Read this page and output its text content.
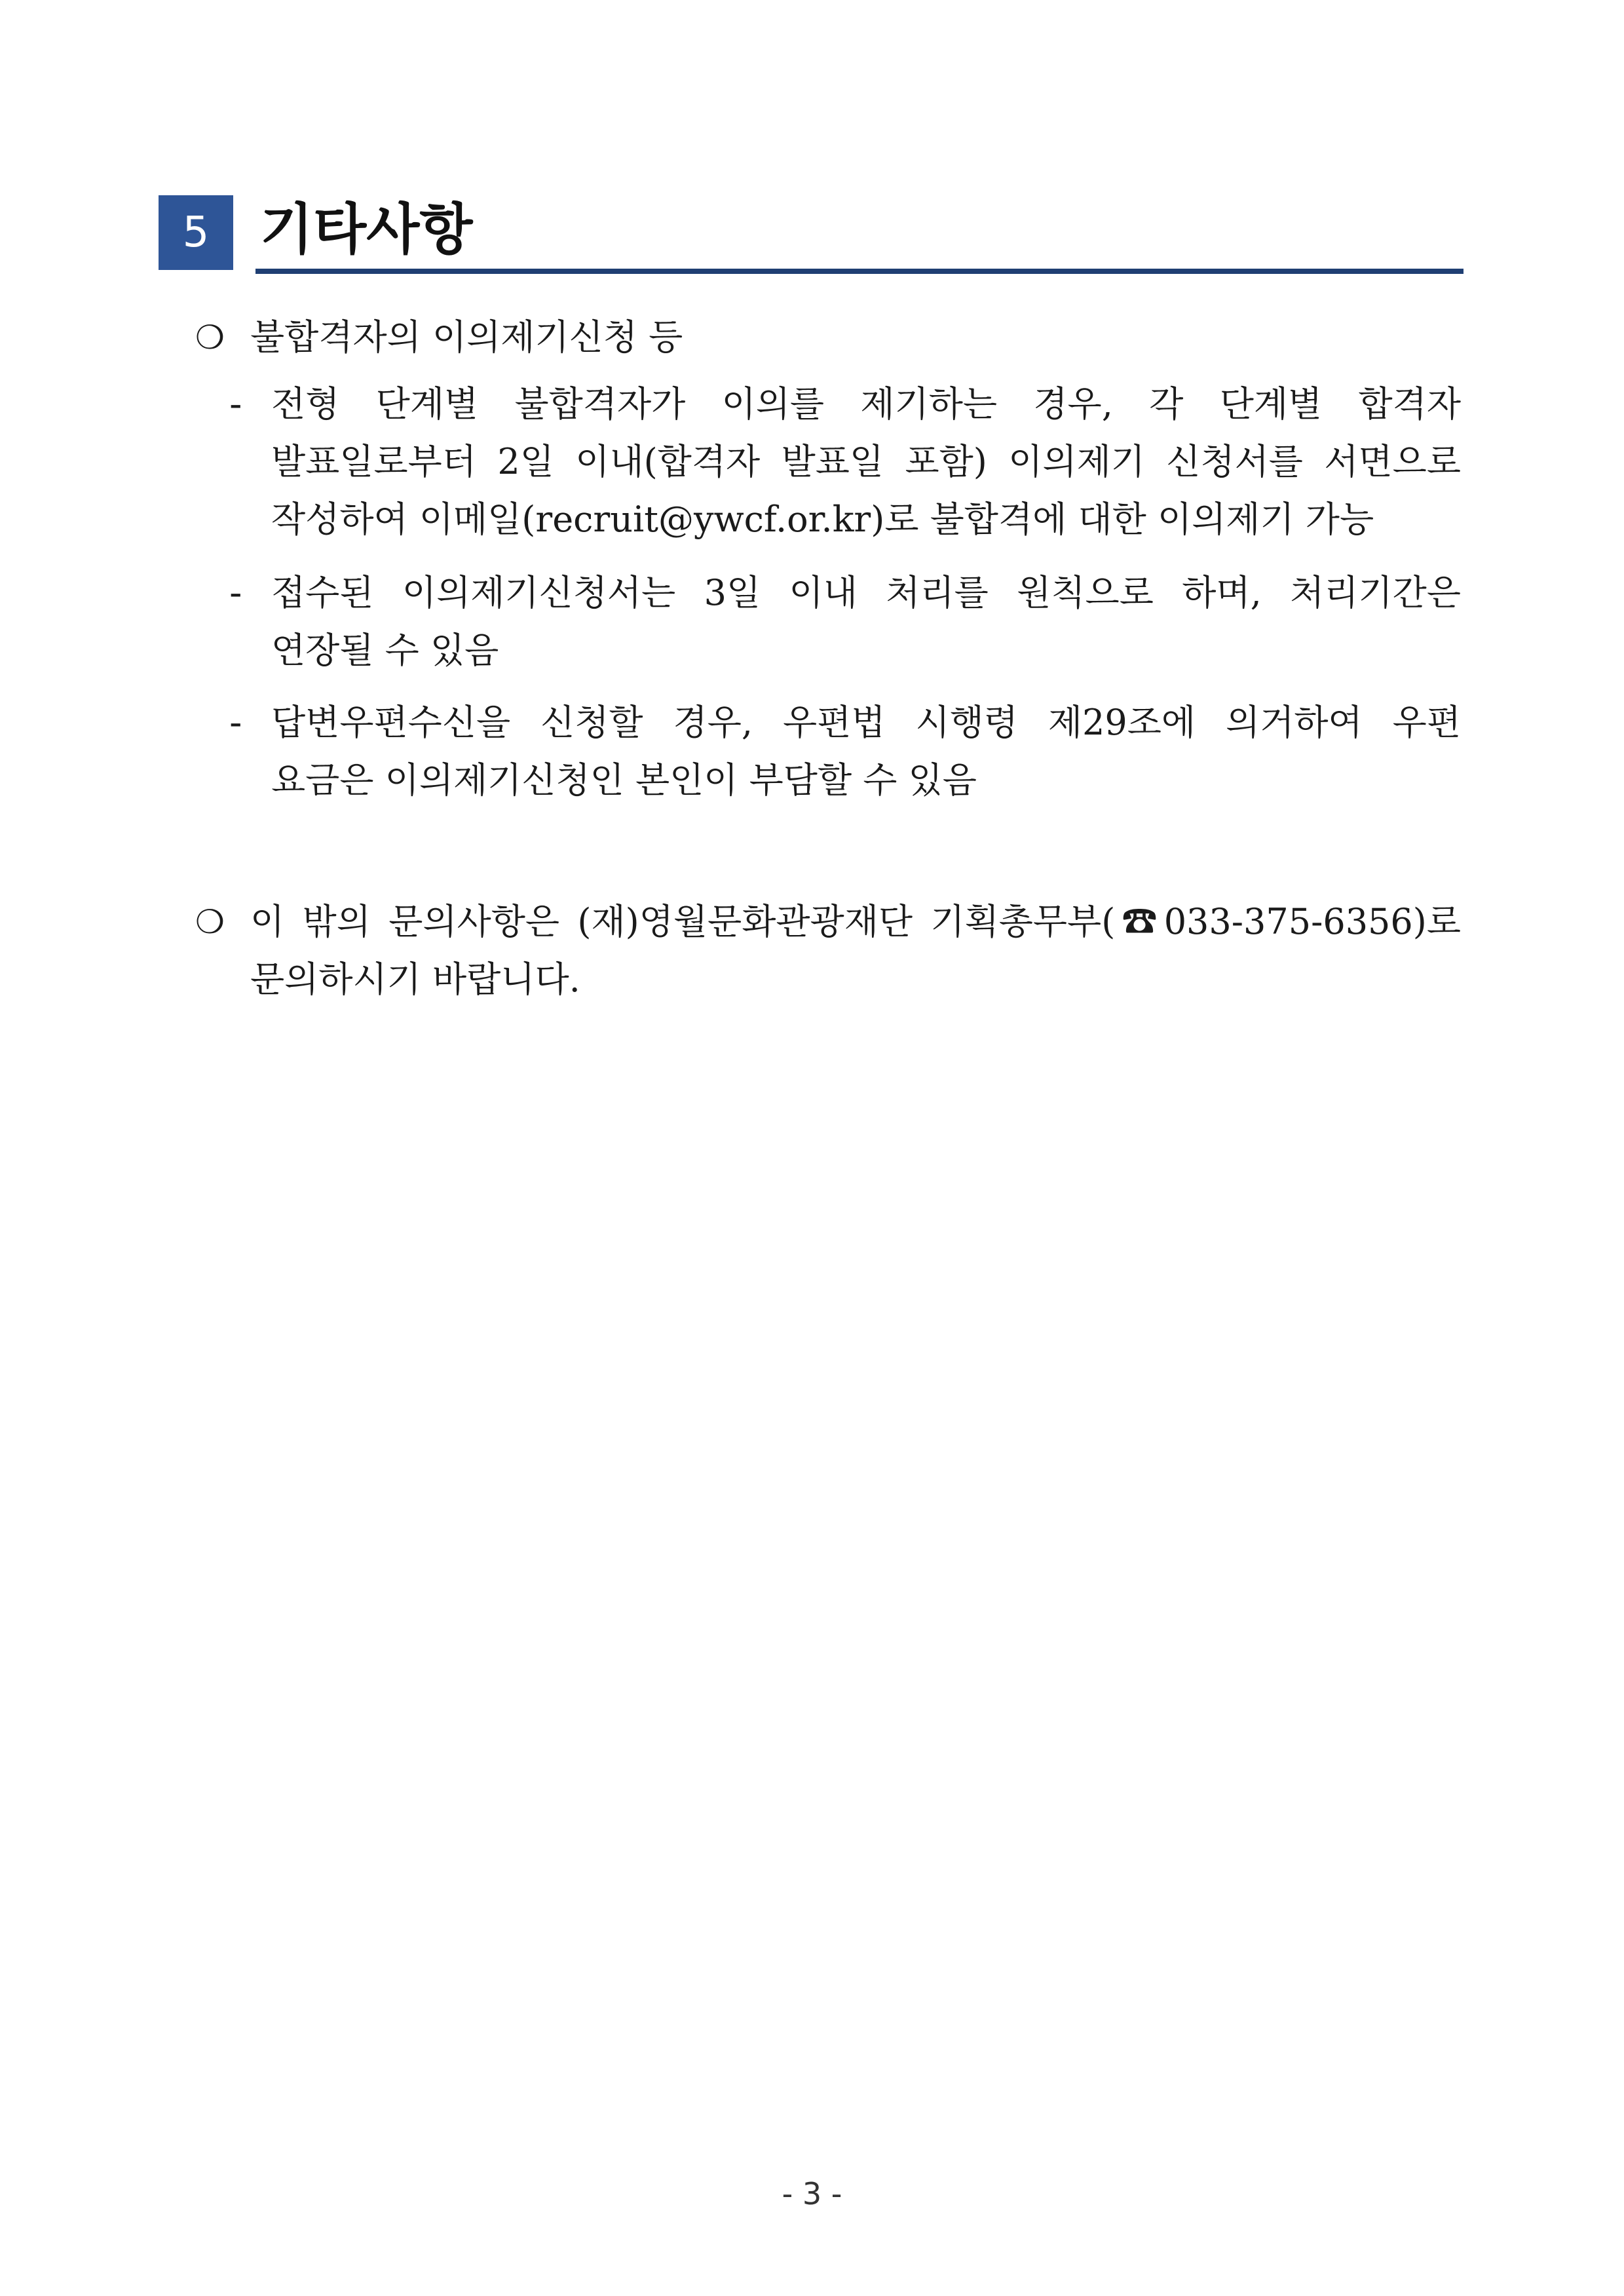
5 기타사항
❍ 불합격자의 이의제기신청 등
- 전형 단계별 불합격자가 이의를 제기하는 경우, 각 단계별 합격자
발표일로부터 2일 이내(합격자 발표일 포함) 이의제기 신청서를 서면으로
작성하여 이메일(recruit@ywcf.or.kr)로 불합격에 대한 이의제기 가능
- 접수된 이의제기신청서는 3일 이내 처리를 원칙으로 하며, 처리기간은
연장될 수 있음
- 답변우편수신을 신청할 경우, 우편법 시행령 제29조에 의거하여 우편
요금은 이의제기신청인 본인이 부담할 수 있음
❍ 이 밖의 문의사항은 (재)영월문화관광재단 기획총무부(☎033-375-6356)로
문의하시기 바랍니다.
- 3 -
